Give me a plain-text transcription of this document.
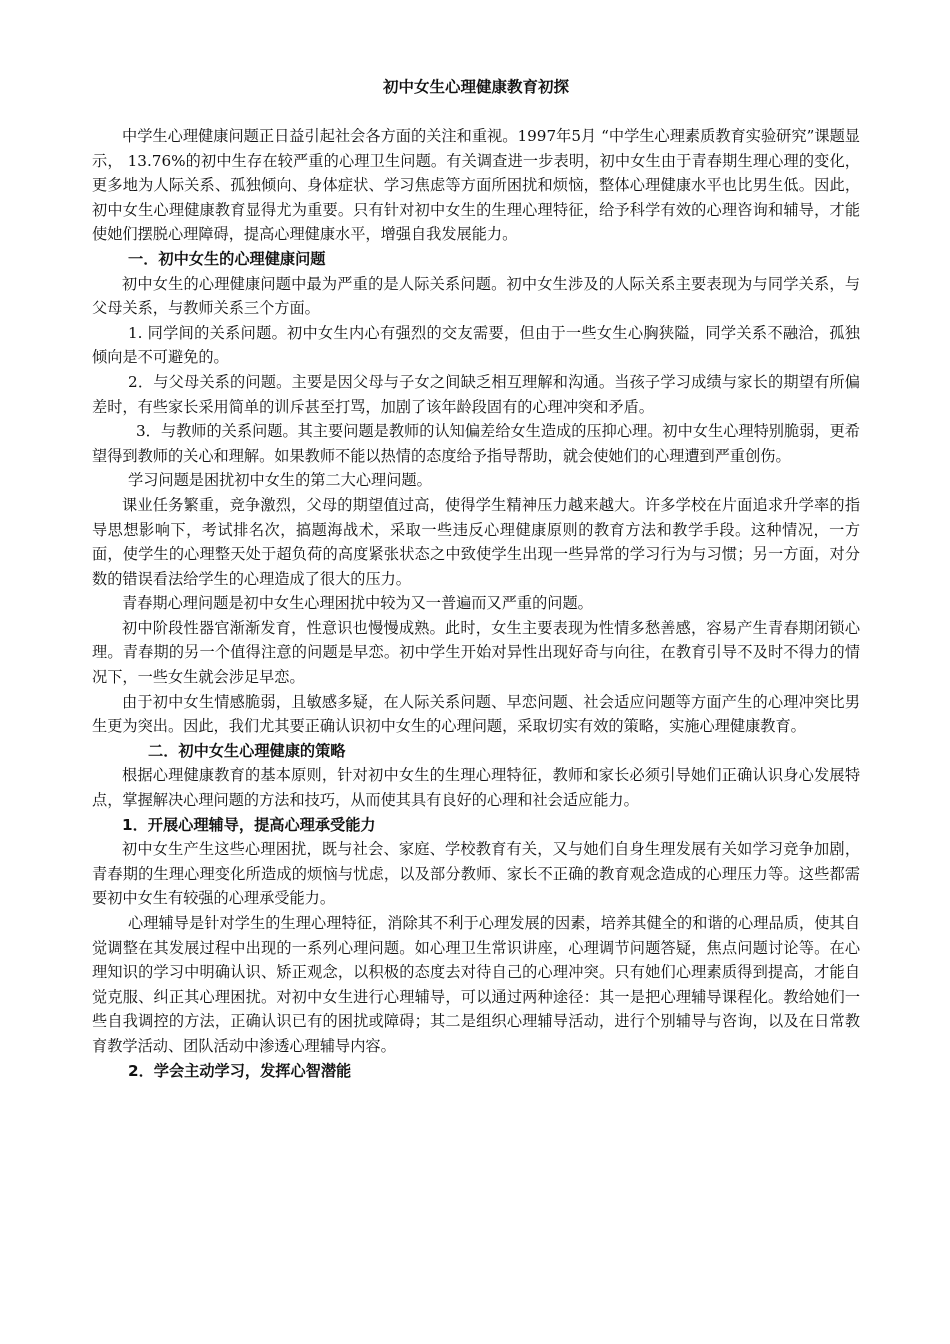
初中女生心理健康教育初探

中学生心理健康问题正日益引起社会各方面的关注和重视。1997年5月 “中学生心理素质教育实验研究”课题显示， 13.76%的初中生存在较严重的心理卫生问题。有关调查进一步表明，初中女生由于青春期生理心理的变化，更多地为人际关系、孤独倾向、身体症状、学习焦虑等方面所困扰和烦恼，整体心理健康水平也比男生低。因此，初中女生心理健康教育显得尤为重要。只有针对初中女生的生理心理特征，给予科学有效的心理咨询和辅导，才能使她们摆脱心理障碍，提高心理健康水平，增强自我发展能力。

一．初中女生的心理健康问题

初中女生的心理健康问题中最为严重的是人际关系问题。初中女生涉及的人际关系主要表现为与同学关系，与父母关系，与教师关系三个方面。

1. 同学间的关系问题。初中女生内心有强烈的交友需要，但由于一些女生心胸狭隘，同学关系不融洽，孤独倾向是不可避免的。

2．与父母关系的问题。主要是因父母与子女之间缺乏相互理解和沟通。当孩子学习成绩与家长的期望有所偏差时，有些家长采用简单的训斥甚至打骂，加剧了该年龄段固有的心理冲突和矛盾。

3．与教师的关系问题。其主要问题是教师的认知偏差给女生造成的压抑心理。初中女生心理特别脆弱，更希望得到教师的关心和理解。如果教师不能以热情的态度给予指导帮助，就会使她们的心理遭到严重创伤。

学习问题是困扰初中女生的第二大心理问题。

课业任务繁重，竞争激烈，父母的期望值过高，使得学生精神压力越来越大。许多学校在片面追求升学率的指导思想影响下，考试排名次，搞题海战术，采取一些违反心理健康原则的教育方法和教学手段。这种情况，一方面，使学生的心理整天处于超负荷的高度紧张状态之中致使学生出现一些异常的学习行为与习惯；另一方面，对分数的错误看法给学生的心理造成了很大的压力。

青春期心理问题是初中女生心理困扰中较为又一普遍而又严重的问题。

初中阶段性器官渐渐发育，性意识也慢慢成熟。此时，女生主要表现为性情多愁善感，容易产生青春期闭锁心理。青春期的另一个值得注意的问题是早恋。初中学生开始对异性出现好奇与向往，在教育引导不及时不得力的情况下，一些女生就会涉足早恋。

由于初中女生情感脆弱，且敏感多疑，在人际关系问题、早恋问题、社会适应问题等方面产生的心理冲突比男生更为突出。因此，我们尤其要正确认识初中女生的心理问题，采取切实有效的策略，实施心理健康教育。

二．初中女生心理健康的策略

根据心理健康教育的基本原则，针对初中女生的生理心理特征，教师和家长必须引导她们正确认识身心发展特点，掌握解决心理问题的方法和技巧，从而使其具有良好的心理和社会适应能力。

1．开展心理辅导，提高心理承受能力

初中女生产生这些心理困扰，既与社会、家庭、学校教育有关，又与她们自身生理发展有关如学习竞争加剧，青春期的生理心理变化所造成的烦恼与忧虑，以及部分教师、家长不正确的教育观念造成的心理压力等。这些都需要初中女生有较强的心理承受能力。

心理辅导是针对学生的生理心理特征，消除其不利于心理发展的因素，培养其健全的和谐的心理品质，使其自觉调整在其发展过程中出现的一系列心理问题。如心理卫生常识讲座，心理调节问题答疑，焦点问题讨论等。在心理知识的学习中明确认识、矫正观念，以积极的态度去对待自己的心理冲突。只有她们心理素质得到提高，才能自觉克服、纠正其心理困扰。对初中女生进行心理辅导，可以通过两种途径：其一是把心理辅导课程化。教给她们一些自我调控的方法，正确认识已有的困扰或障碍；其二是组织心理辅导活动，进行个别辅导与咨询，以及在日常教育教学活动、团队活动中渗透心理辅导内容。

2．学会主动学习，发挥心智潜能
